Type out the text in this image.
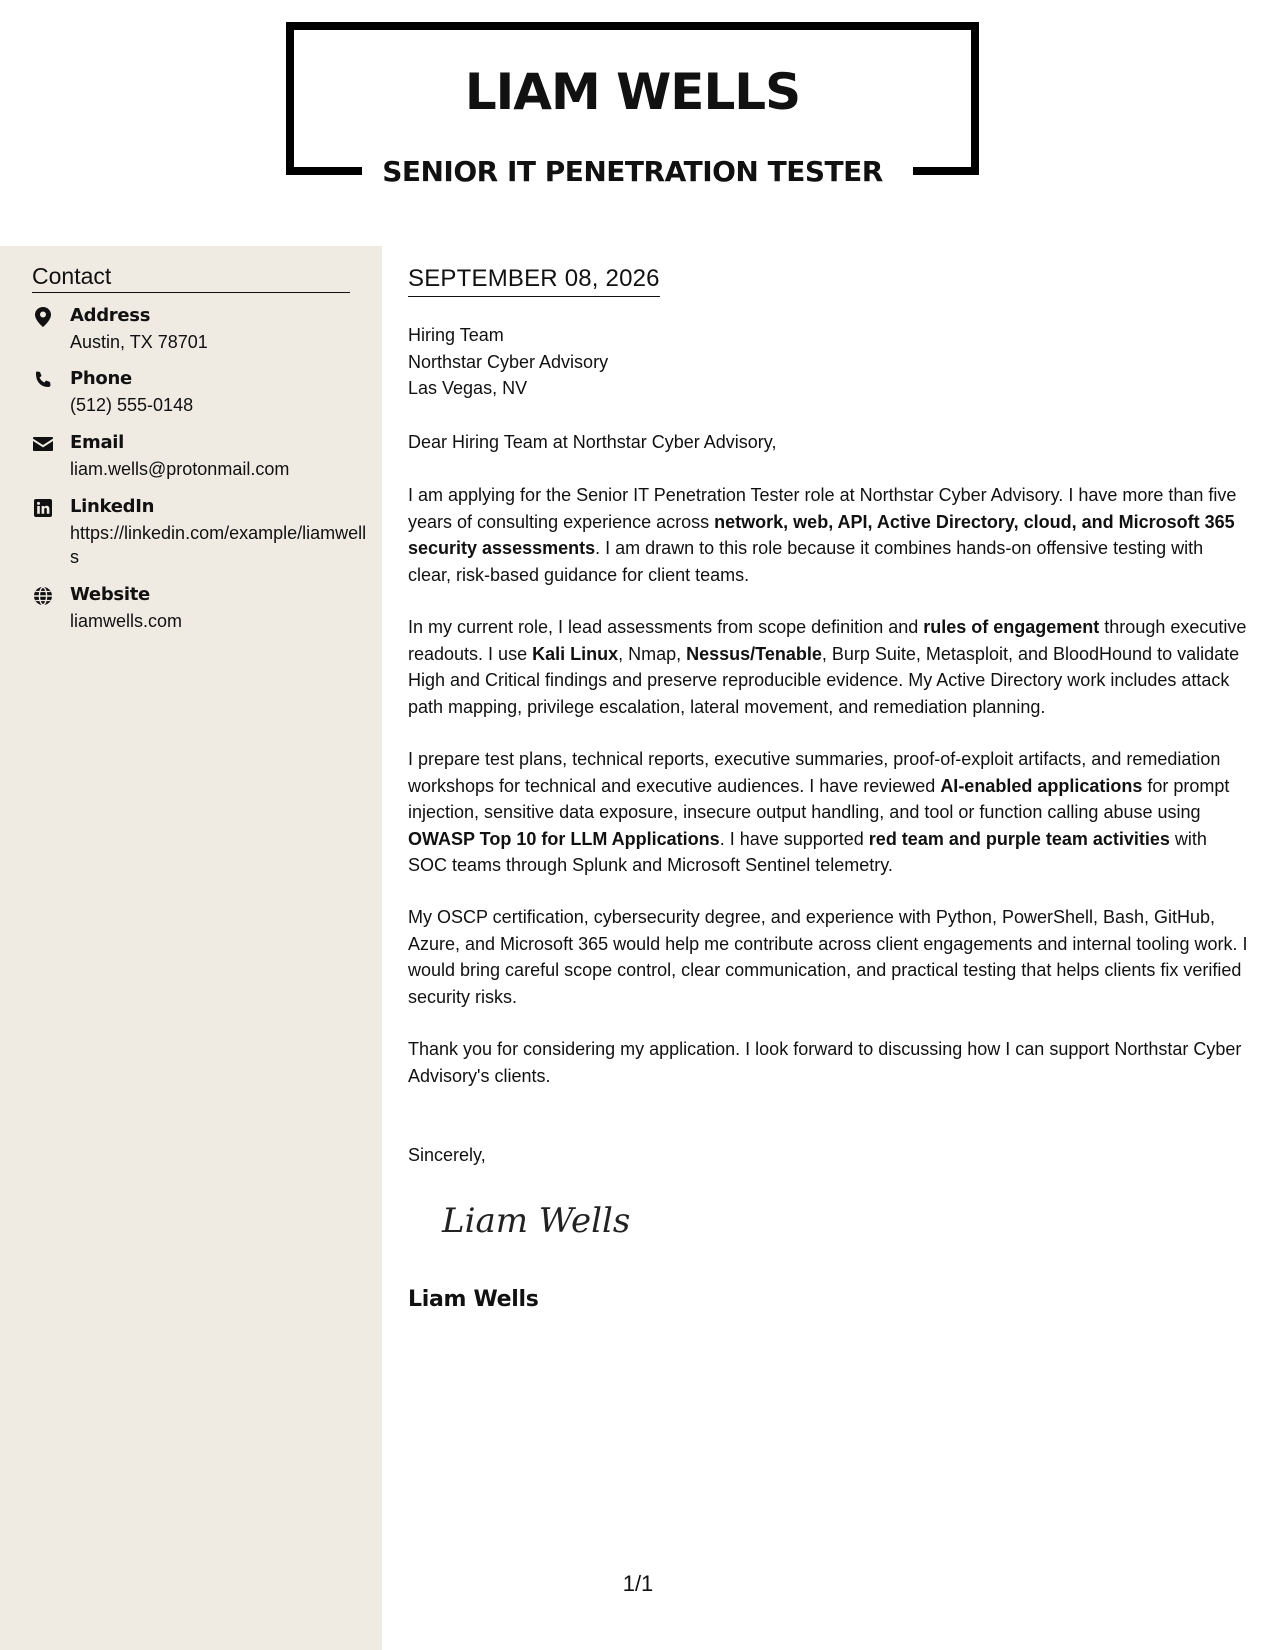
LIAM WELLS
SENIOR IT PENETRATION TESTER
Contact
Address
Austin, TX 78701
Phone
(512) 555-0148
Email
liam.wells@protonmail.com
LinkedIn
https://linkedin.com/example/liamwells
Website
liamwells.com
SEPTEMBER 08, 2026
Hiring Team
Northstar Cyber Advisory
Las Vegas, NV

Dear Hiring Team at Northstar Cyber Advisory,

I am applying for the Senior IT Penetration Tester role at Northstar Cyber Advisory. I have more than five years of consulting experience across network, web, API, Active Directory, cloud, and Microsoft 365 security assessments. I am drawn to this role because it combines hands-on offensive testing with clear, risk-based guidance for client teams.

In my current role, I lead assessments from scope definition and rules of engagement through executive readouts. I use Kali Linux, Nmap, Nessus/Tenable, Burp Suite, Metasploit, and BloodHound to validate High and Critical findings and preserve reproducible evidence. My Active Directory work includes attack path mapping, privilege escalation, lateral movement, and remediation planning.

I prepare test plans, technical reports, executive summaries, proof-of-exploit artifacts, and remediation workshops for technical and executive audiences. I have reviewed AI-enabled applications for prompt injection, sensitive data exposure, insecure output handling, and tool or function calling abuse using OWASP Top 10 for LLM Applications. I have supported red team and purple team activities with SOC teams through Splunk and Microsoft Sentinel telemetry.

My OSCP certification, cybersecurity degree, and experience with Python, PowerShell, Bash, GitHub, Azure, and Microsoft 365 would help me contribute across client engagements and internal tooling work. I would bring careful scope control, clear communication, and practical testing that helps clients fix verified security risks.

Thank you for considering my application. I look forward to discussing how I can support Northstar Cyber Advisory's clients.

Sincerely,

Liam Wells

Liam Wells

1/1
